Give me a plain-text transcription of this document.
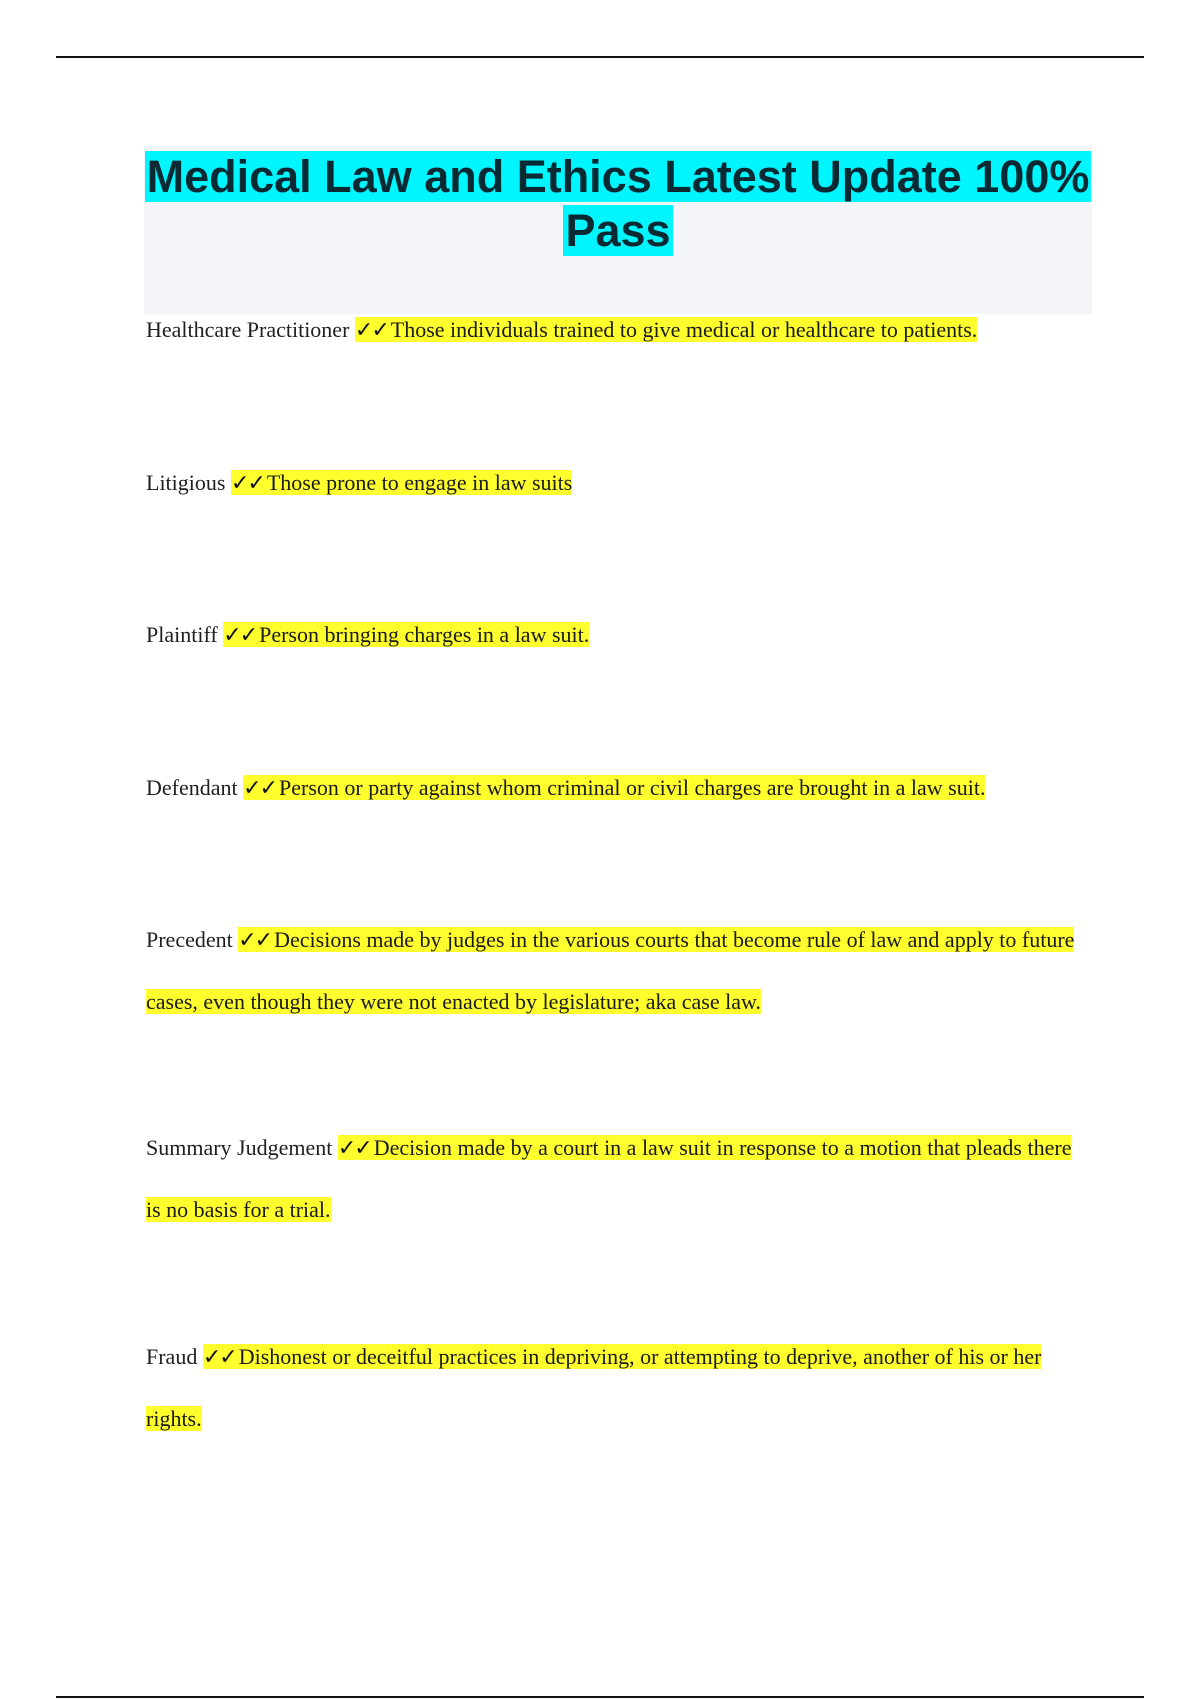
Medical Law and Ethics Latest Update 100% Pass

Healthcare Practitioner ✓✓ Those individuals trained to give medical or healthcare to patients.

Litigious ✓✓ Those prone to engage in law suits

Plaintiff ✓✓ Person bringing charges in a law suit.

Defendant ✓✓ Person or party against whom criminal or civil charges are brought in a law suit.

Precedent ✓✓ Decisions made by judges in the various courts that become rule of law and apply to future cases, even though they were not enacted by legislature; aka case law.

Summary Judgement ✓✓ Decision made by a court in a law suit in response to a motion that pleads there is no basis for a trial.

Fraud ✓✓ Dishonest or deceitful practices in depriving, or attempting to deprive, another of his or her rights.
